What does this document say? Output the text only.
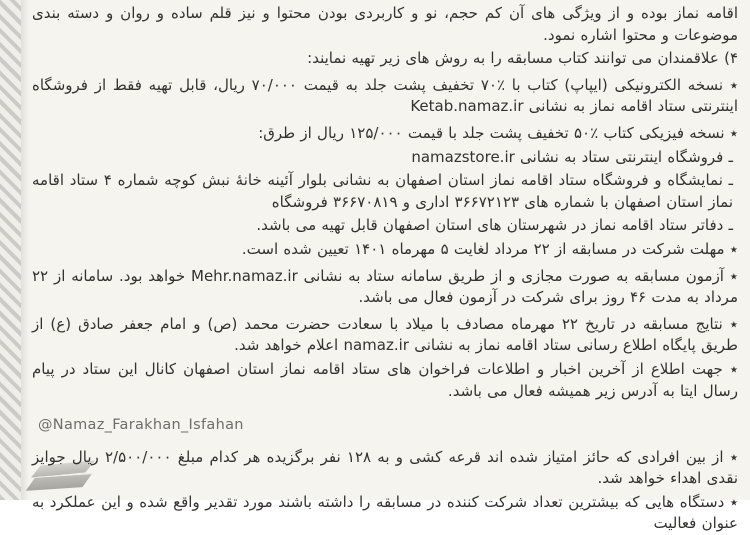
اقامه نماز بوده و از ویژگی های آن کم حجم، نو و کاربردی بودن محتوا و نیز قلم ساده و روان و دسته بندی موضوعات و محتوا اشاره نمود.

۴) علاقمندان می توانند کتاب مسابقه را به روش های زیر تهیه نمایند:

٭ نسخه الکترونیکی (ایپاپ) کتاب با ٪۷۰ تخفیف پشت جلد به قیمت ۷۰/۰۰۰ ریال، قابل تهیه فقط از فروشگاه اینترنتی ستاد اقامه نماز به نشانی Ketab.namaz.ir

٭ نسخه فیزیکی کتاب ٪۵۰ تخفیف پشت جلد با قیمت ۱۲۵/۰۰۰ ریال از طرق:

ـ فروشگاه اینترنتی ستاد به نشانی namazstore.ir

ـ نمایشگاه و فروشگاه ستاد اقامه نماز استان اصفهان به نشانی بلوار آئینه خانهٔ نبش کوچه شماره ۴ ستاد اقامه نماز استان اصفهان با شماره های ۳۶۶۷۲۱۲۳ اداری و ۳۶۶۷۰۸۱۹ فروشگاه

ـ دفاتر ستاد اقامه نماز در شهرستان های استان اصفهان قابل تهیه می باشد.

٭ مهلت شرکت در مسابقه از ۲۲ مرداد لغایت ۵ مهرماه ۱۴۰۱ تعیین شده است.

٭ آزمون مسابقه به صورت مجازی و از طریق سامانه ستاد به نشانی Mehr.namaz.ir خواهد بود. سامانه از ۲۲ مرداد به مدت ۴۶ روز برای شرکت در آزمون فعال می باشد.

٭ نتایج مسابقه در تاریخ ۲۲ مهرماه مصادف با میلاد با سعادت حضرت محمد (ص) و امام جعفر صادق (ع) از طریق پایگاه اطلاع رسانی ستاد اقامه نماز به نشانی namaz.ir اعلام خواهد شد.

٭ جهت اطلاع از آخرین اخبار و اطلاعات فراخوان های ستاد اقامه نماز استان اصفهان کانال این ستاد در پیام رسال ایتا به آدرس زیر همیشه فعال می باشد.

@Namaz_Farakhan_Isfahan

٭ از بین افرادی که حائز امتیاز شده اند قرعه کشی و به ۱۲۸ نفر برگزیده هر کدام مبلغ ۲/۵۰۰/۰۰۰ ریال جوایز نقدی اهداء خواهد شد.

٭ دستگاه هایی که بیشترین تعداد شرکت کننده در مسابقه را داشته باشند مورد تقدیر واقع شده و این عملکرد به عنوان فعالیت
